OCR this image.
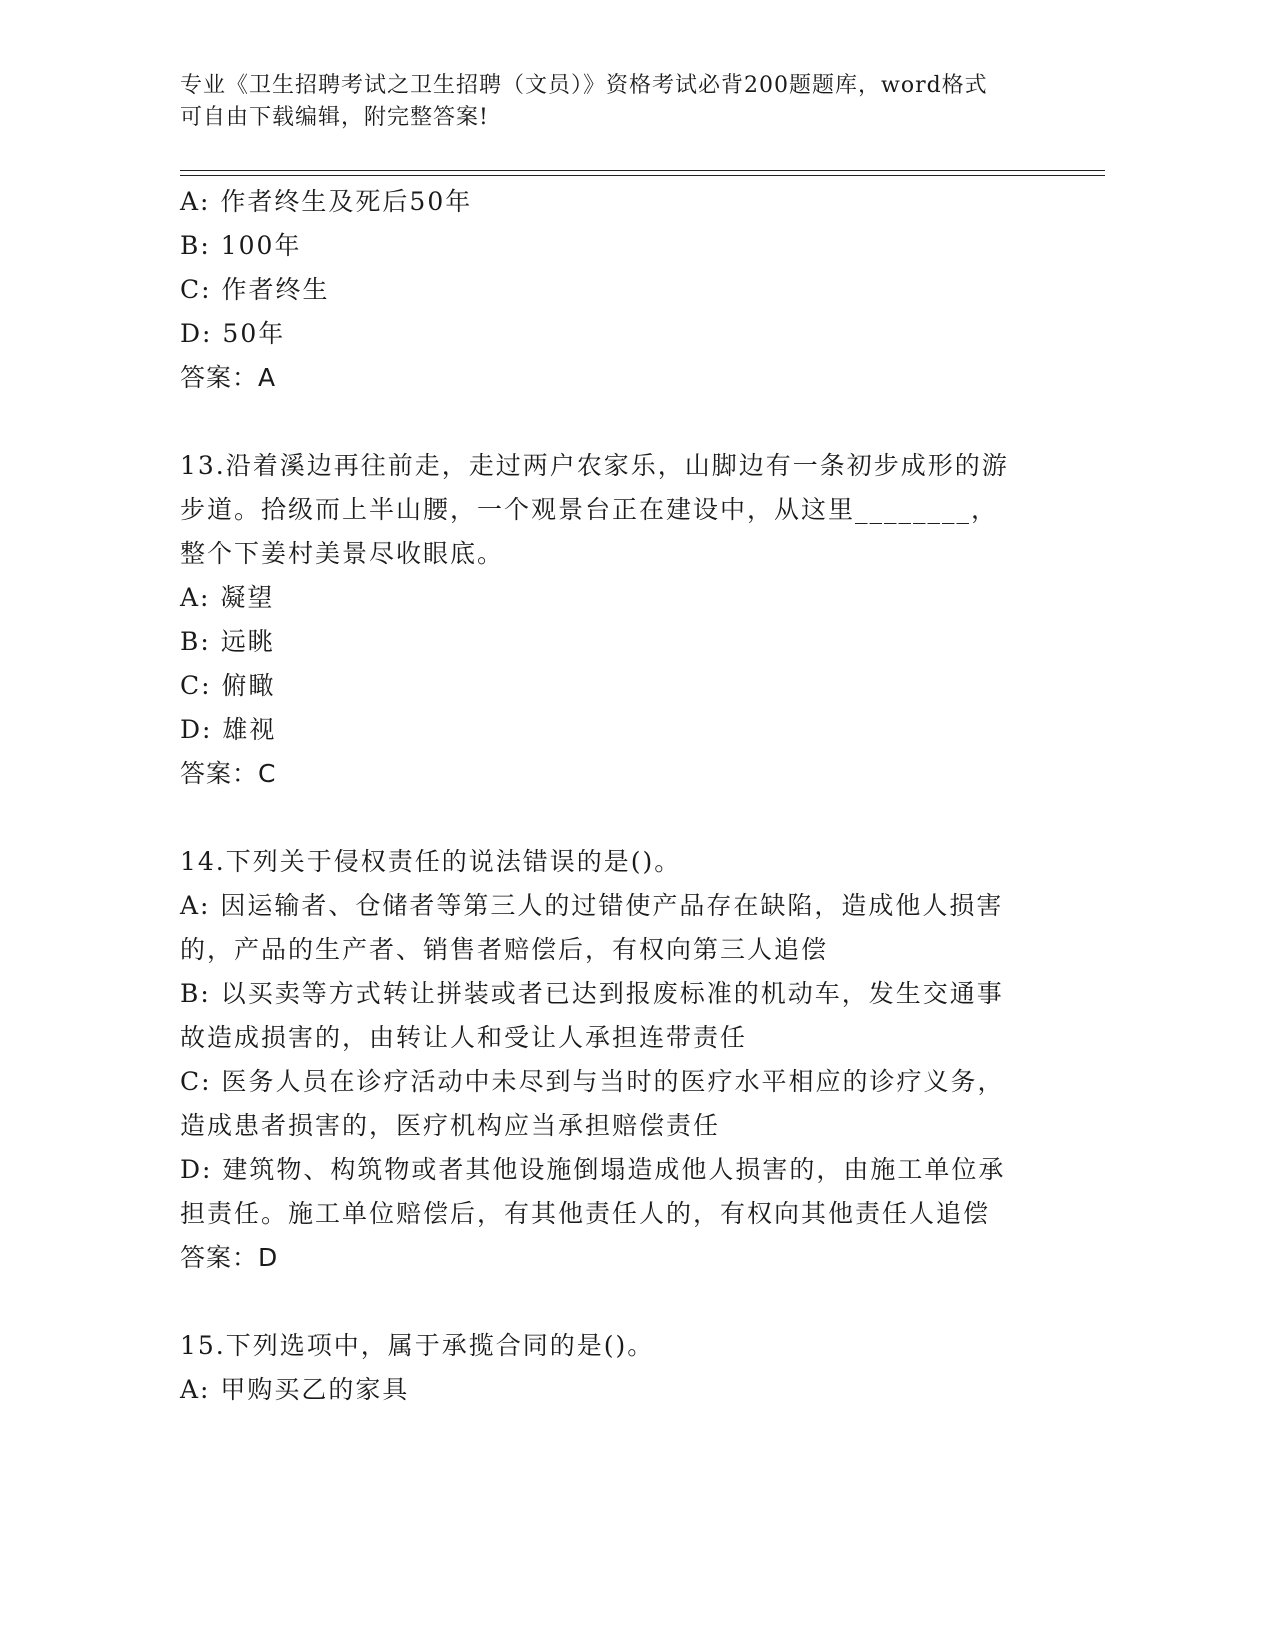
专业《卫生招聘考试之卫生招聘（文员）》资格考试必背200题题库，word格式
可自由下载编辑，附完整答案!
A: 作者终生及死后50年
B: 100年
C: 作者终生
D: 50年
答案：A
13.沿着溪边再往前走，走过两户农家乐，山脚边有一条初步成形的游
步道。拾级而上半山腰，一个观景台正在建设中，从这里________，
整个下姜村美景尽收眼底。
A: 凝望
B: 远眺
C: 俯瞰
D: 雄视
答案：C
14.下列关于侵权责任的说法错误的是()。
A: 因运输者、仓储者等第三人的过错使产品存在缺陷，造成他人损害
的，产品的生产者、销售者赔偿后，有权向第三人追偿
B: 以买卖等方式转让拼装或者已达到报废标准的机动车，发生交通事
故造成损害的，由转让人和受让人承担连带责任
C: 医务人员在诊疗活动中未尽到与当时的医疗水平相应的诊疗义务，
造成患者损害的，医疗机构应当承担赔偿责任
D: 建筑物、构筑物或者其他设施倒塌造成他人损害的，由施工单位承
担责任。施工单位赔偿后，有其他责任人的，有权向其他责任人追偿
答案：D
15.下列选项中，属于承揽合同的是()。
A: 甲购买乙的家具
